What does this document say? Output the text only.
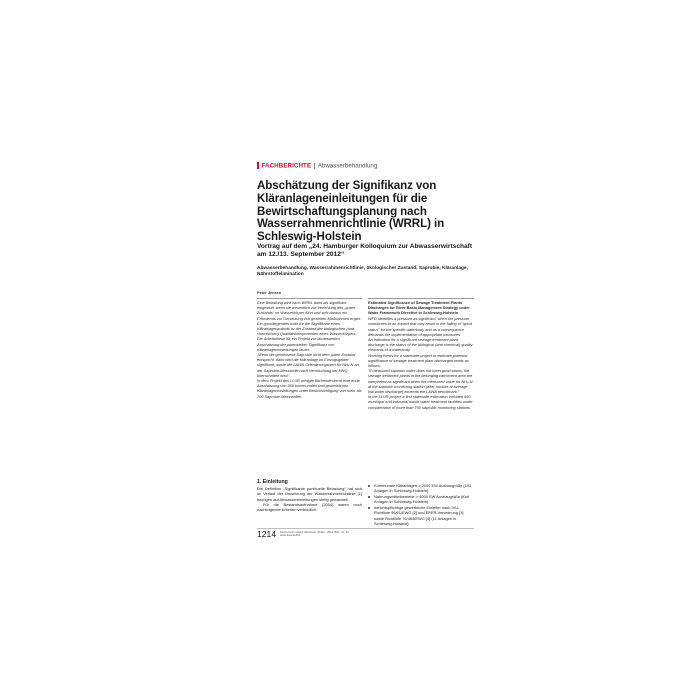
FACHBERICHTE Abwasserbehandlung
Abschätzung der Signifikanz von Kläranlageneinleitungen für die Bewirtschaftungsplanung nach Wasserrahmenrichtlinie (WRRL) in Schleswig-Holstein

Vortrag auf dem „24. Hamburger Kolloquium zur Abwasserwirtschaft am 12./13. September 2012“

Abwasserbehandlung, Wasserrahmenrichtlinie, ökologischer Zustand, Saprobie, Kläranlage, Nährstoffelimination

Peter Jensen

Eine Belastung wird nach WRRL dann als signifikant eingestuft, wenn sie wesentlich zur Verfehlung des „guten Zustands“ im Wasserkörper führt und sich daraus ein Erfordernis zur Umsetzung von gezielten Maßnahmen ergibt.

Ein grundlegendes Indiz für die Signifikanz eines Kläranlagenzulaufs ist der Zustand der biologischen (und chemischen) Qualitätskomponenten eines Wasserkörpers.

Die Arbeitsthese für ein Projekt zur landesweiten Abschätzung der potenziellen Signifikanz von Kläranlageneinleitungen lautet:

„Wenn die gemessene Saprobie nicht dem guten Zustand entspricht, dann wird die Kläranlage im Einzugsgebiet signifikant, sowie die LAWA-Orientierungswert für NH₄-N an der Saprobie-Messstelle nach Vermischung bei MNQ überschritten wird.“

In dem Projekt des LLUR erfolgte flächendeckend eine erste Abschätzung von 950 kommunalen und gewerblichen Kläranlageneinleitungen unter Berücksichtigung von mehr als 700 Saprobie-Messstellen.

Estimated Significance of Sewage Treatment Plants Discharges for River Basin Management Strategy under Water Framework Directive in Schleswig-Holstein

WFD identifies a pressure as significant, when the pressure contributes to an impact that may result in the failing of “good status” for the specific waterbody and as a consequence demands the implementation of appropriate measures.

An indication for a significant sewage treatment plant discharge is the status of the biological (and chemical) quality elements of a waterbody.

Working thesis for a statewide project to estimate potential significance of sewage treatment plant discharges reads as follows:

“If measured saprobic index does not meet good status, the sewage treatment plants in the belonging catchment area are interpreted as significant when the measured value for NH₄-N at the saprobic monitoring station (after mixture at average low water discharge) exceeds the LAWA benchmark.”

In the LLUR-project a first statewide estimation included 950 municipal and industrial waste water treatment facilities under consideration of more than 700 saprobic monitoring stations.

1. Einleitung

Die Definition „Signifikante punktuelle Belastung“ hat sich im Verlauf der Umsetzung der Wasserrahmenrichtlinie [1] bezogen auf Abwassereinleitungen stetig gewandelt.

Für die Bestandsaufnahme (2004) waren noch nachfolgende Kriterien verbindlich:

Kommunale Kläranlagen > 2000 EW Ausbaugröße (192 Anlagen in Schleswig-Holstein)
Nahrungsmittelbetriebe > 4000 EW Ausbaugröße (fünf Anlagen in Schleswig-Holstein)
berichtspflichtige gewerbliche Einleiter nach IVU-Richtlinie 96/61/EWG [2] und EPER-Verordnung [3] sowie Richtlinie 76/464/EWG [4] (11 Anlagen in Schleswig-Holstein)
1214 KA Korrespondenz Abwasser, Abfall · 2012 (59) · Nr. 12
www.dwa.de/KA
